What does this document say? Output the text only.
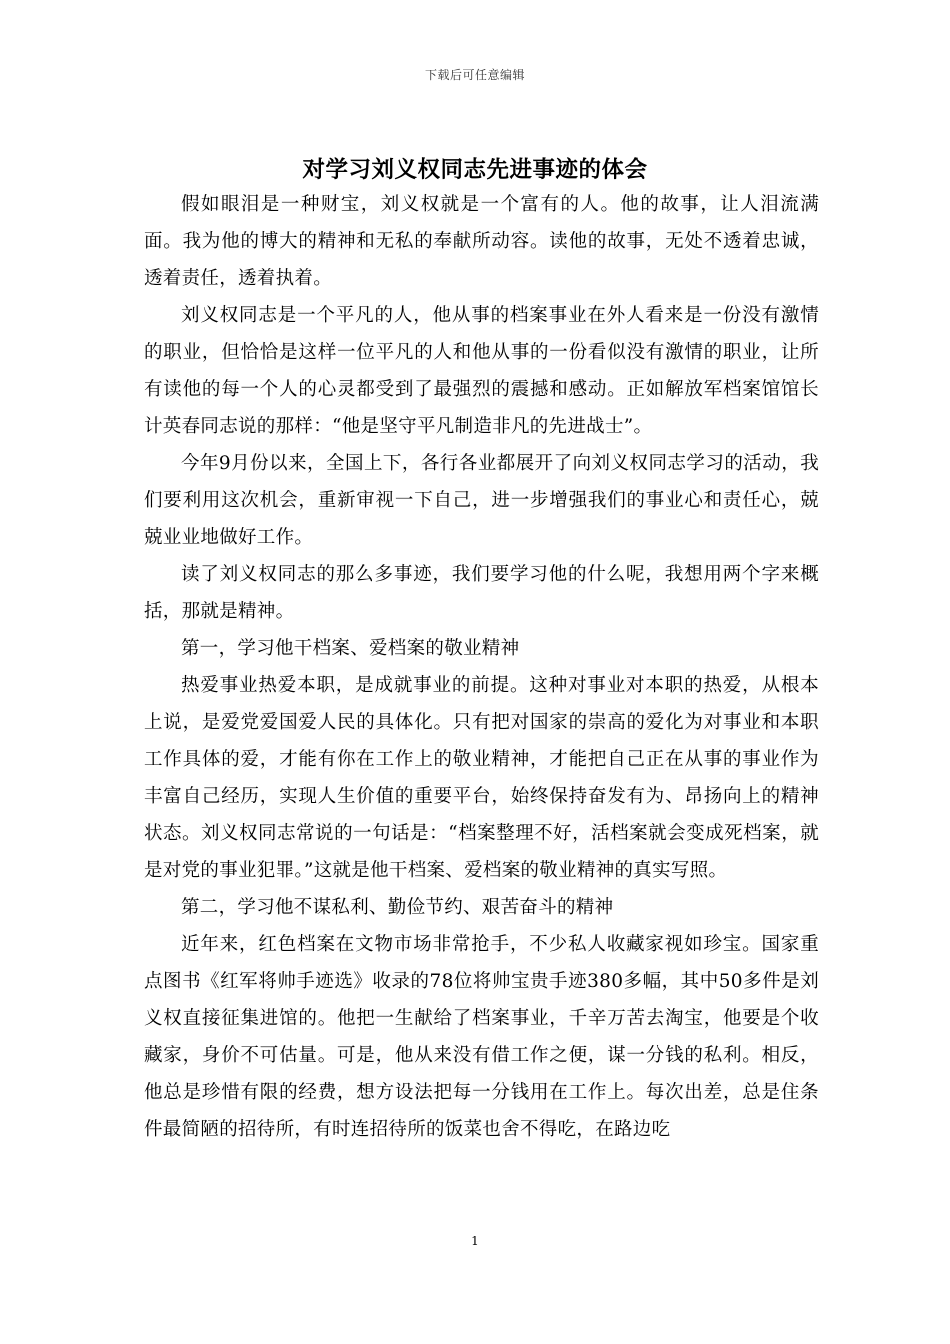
下载后可任意编辑
对学习刘义权同志先进事迹的体会

假如眼泪是一种财宝，刘义权就是一个富有的人。他的故事，让人泪流满面。我为他的博大的精神和无私的奉献所动容。读他的故事，无处不透着忠诚，透着责任，透着执着。

刘义权同志是一个平凡的人，他从事的档案事业在外人看来是一份没有激情的职业，但恰恰是这样一位平凡的人和他从事的一份看似没有激情的职业，让所有读他的每一个人的心灵都受到了最强烈的震撼和感动。正如解放军档案馆馆长计英春同志说的那样：“他是坚守平凡制造非凡的先进战士”。

今年9月份以来，全国上下，各行各业都展开了向刘义权同志学习的活动，我们要利用这次机会，重新审视一下自己，进一步增强我们的事业心和责任心，兢兢业业地做好工作。

读了刘义权同志的那么多事迹，我们要学习他的什么呢，我想用两个字来概括，那就是精神。

第一，学习他干档案、爱档案的敬业精神

热爱事业热爱本职，是成就事业的前提。这种对事业对本职的热爱，从根本上说，是爱党爱国爱人民的具体化。只有把对国家的崇高的爱化为对事业和本职工作具体的爱，才能有你在工作上的敬业精神，才能把自己正在从事的事业作为丰富自己经历，实现人生价值的重要平台，始终保持奋发有为、昂扬向上的精神状态。刘义权同志常说的一句话是：“档案整理不好，活档案就会变成死档案，就是对党的事业犯罪。”这就是他干档案、爱档案的敬业精神的真实写照。

第二，学习他不谋私利、勤俭节约、艰苦奋斗的精神

近年来，红色档案在文物市场非常抢手，不少私人收藏家视如珍宝。国家重点图书《红军将帅手迹选》收录的78位将帅宝贵手迹380多幅，其中50多件是刘义权直接征集进馆的。他把一生献给了档案事业，千辛万苦去淘宝，他要是个收藏家，身价不可估量。可是，他从来没有借工作之便，谋一分钱的私利。相反，他总是珍惜有限的经费，想方设法把每一分钱用在工作上。每次出差，总是住条件最简陋的招待所，有时连招待所的饭菜也舍不得吃，在路边吃

1
